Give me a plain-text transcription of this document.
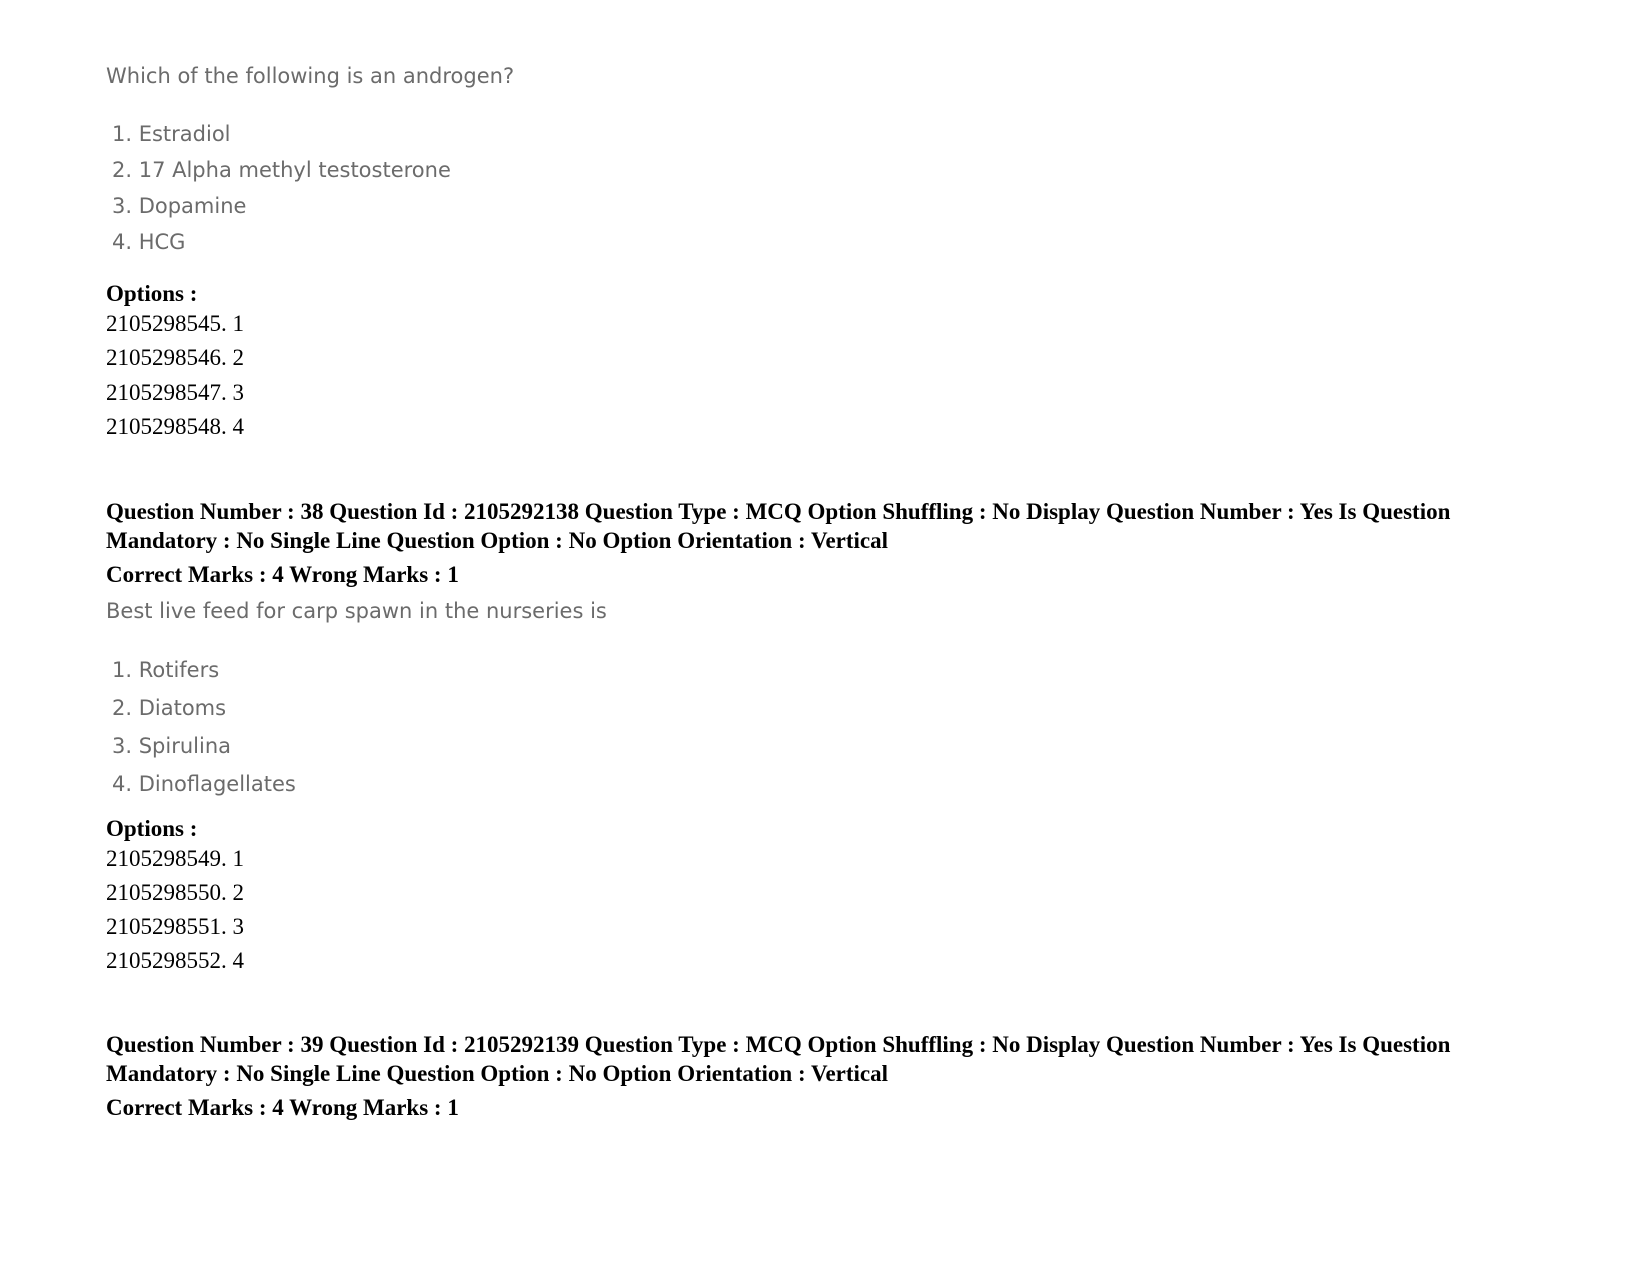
Which of the following is an androgen?
1. Estradiol
2. 17 Alpha methyl testosterone
3. Dopamine
4. HCG
Options :
2105298545. 1
2105298546. 2
2105298547. 3
2105298548. 4
Question Number : 38 Question Id : 2105292138 Question Type : MCQ Option Shuffling : No Display Question Number : Yes Is Question Mandatory : No Single Line Question Option : No Option Orientation : Vertical
Correct Marks : 4 Wrong Marks : 1
Best live feed for carp spawn in the nurseries is
1. Rotifers
2. Diatoms
3. Spirulina
4. Dinoflagellates
Options :
2105298549. 1
2105298550. 2
2105298551. 3
2105298552. 4
Question Number : 39 Question Id : 2105292139 Question Type : MCQ Option Shuffling : No Display Question Number : Yes Is Question Mandatory : No Single Line Question Option : No Option Orientation : Vertical
Correct Marks : 4 Wrong Marks : 1
